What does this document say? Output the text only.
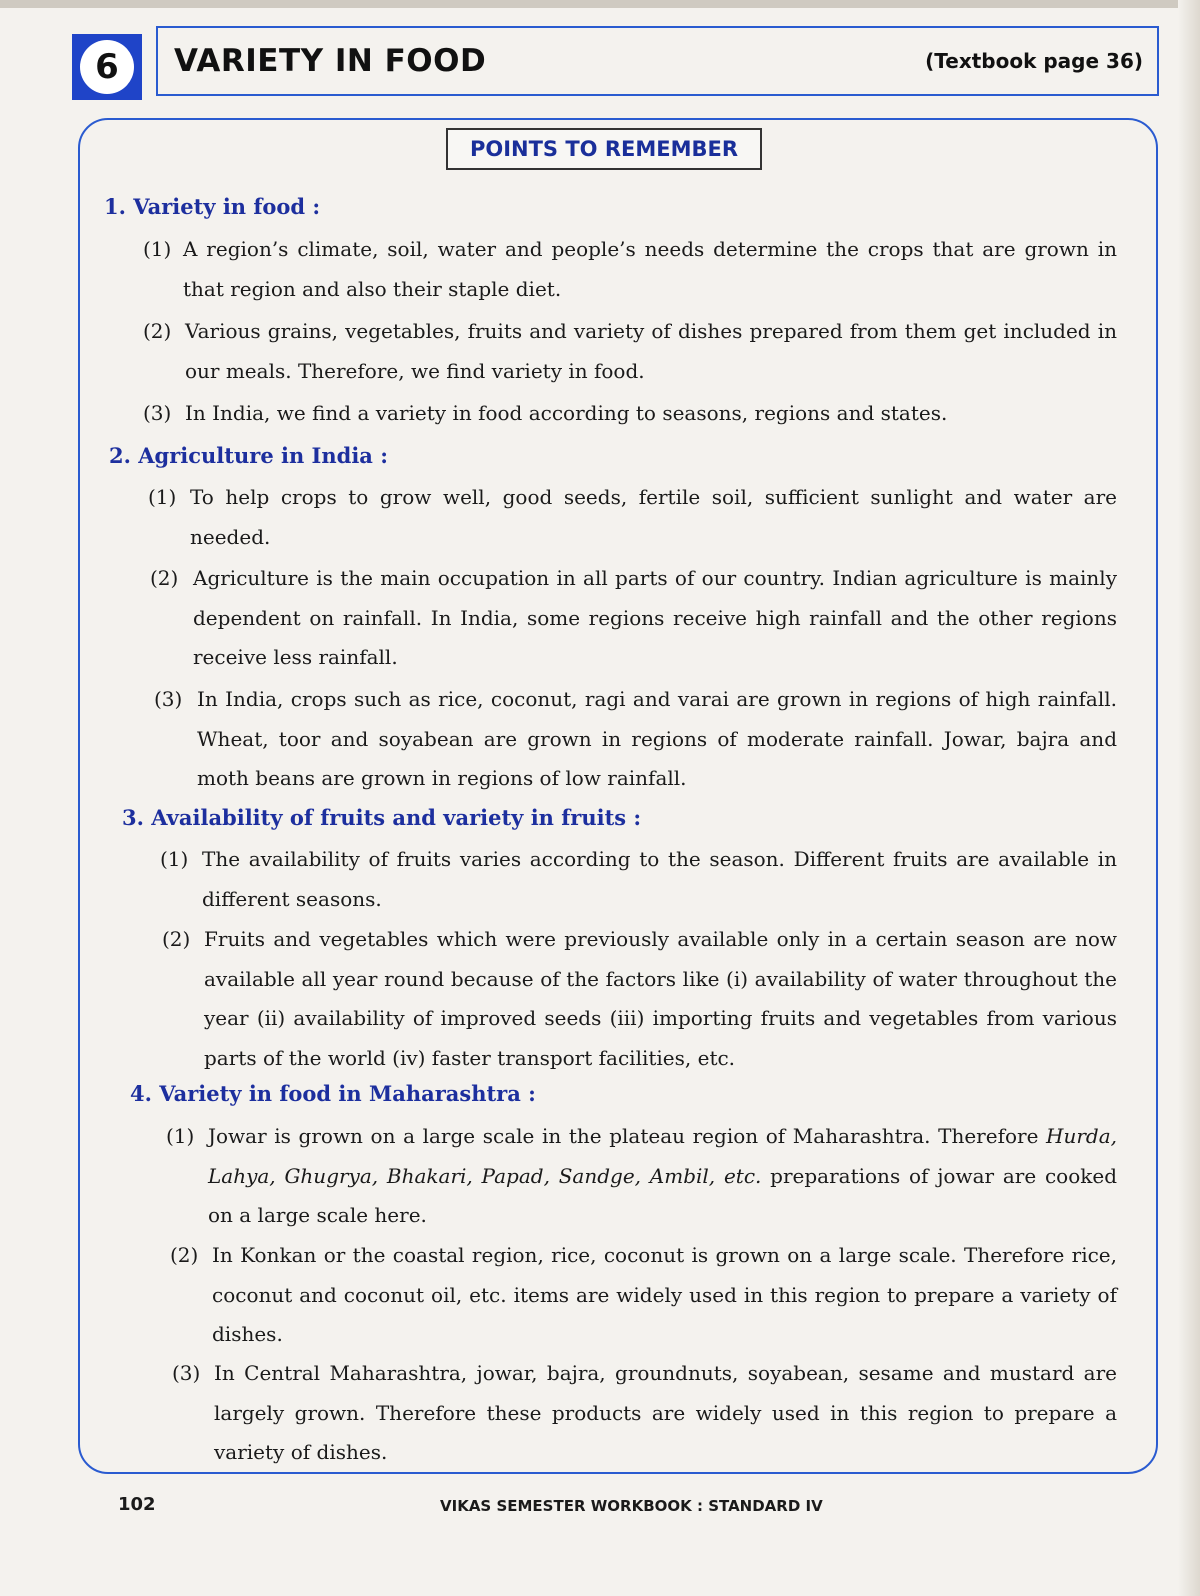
6	VARIETY IN FOOD	(Textbook page 36)
POINTS TO REMEMBER
1. Variety in food :
(1) A region’s climate, soil, water and people’s needs determine the crops that are grown in that region and also their staple diet.
(2) Various grains, vegetables, fruits and variety of dishes prepared from them get included in our meals. Therefore, we find variety in food.
(3) In India, we find a variety in food according to seasons, regions and states.
2. Agriculture in India :
(1) To help crops to grow well, good seeds, fertile soil, sufficient sunlight and water are needed.
(2) Agriculture is the main occupation in all parts of our country. Indian agriculture is mainly dependent on rainfall. In India, some regions receive high rainfall and the other regions receive less rainfall.
(3) In India, crops such as rice, coconut, ragi and varai are grown in regions of high rainfall. Wheat, toor and soyabean are grown in regions of moderate rainfall. Jowar, bajra and moth beans are grown in regions of low rainfall.
3. Availability of fruits and variety in fruits :
(1) The availability of fruits varies according to the season. Different fruits are available in different seasons.
(2) Fruits and vegetables which were previously available only in a certain season are now available all year round because of the factors like (i) availability of water throughout the year (ii) availability of improved seeds (iii) importing fruits and vegetables from various parts of the world (iv) faster transport facilities, etc.
4. Variety in food in Maharashtra :
(1) Jowar is grown on a large scale in the plateau region of Maharashtra. Therefore Hurda, Lahya, Ghugrya, Bhakari, Papad, Sandge, Ambil, etc. preparations of jowar are cooked on a large scale here.
(2) In Konkan or the coastal region, rice, coconut is grown on a large scale. Therefore rice, coconut and coconut oil, etc. items are widely used in this region to prepare a variety of dishes.
(3) In Central Maharashtra, jowar, bajra, groundnuts, soyabean, sesame and mustard are largely grown. Therefore these products are widely used in this region to prepare a variety of dishes.
102	VIKAS SEMESTER WORKBOOK : STANDARD IV
